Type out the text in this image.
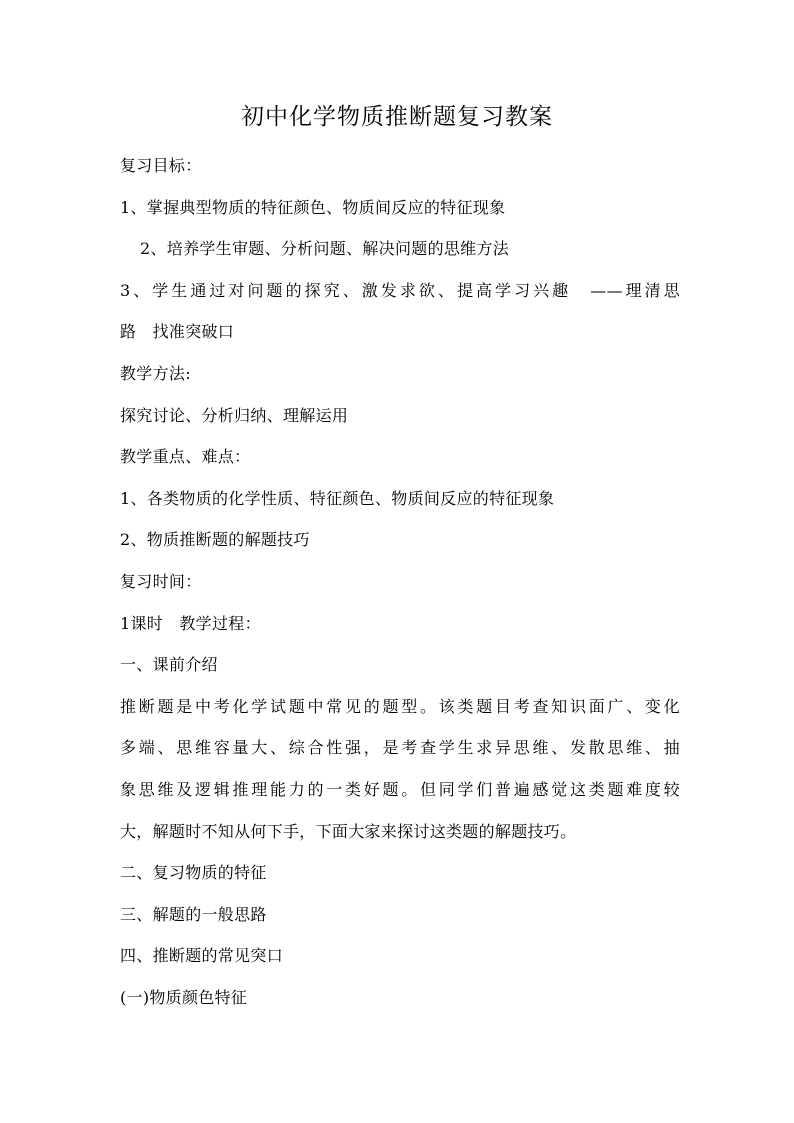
初中化学物质推断题复习教案

复习目标：

1、掌握典型物质的特征颜色、物质间反应的特征现象

2、培养学生审题、分析问题、解决问题的思维方法

3、学生通过对问题的探究、激发求欲、提高学习兴趣　——理清思

路　找准突破口

教学方法:

探究讨论、分析归纳、理解运用

教学重点、难点：

1、各类物质的化学性质、特征颜色、物质间反应的特征现象

2、物质推断题的解题技巧

复习时间：

1课时　教学过程：

一、课前介绍

推断题是中考化学试题中常见的题型。该类题目考查知识面广、变化

多端、思维容量大、综合性强，是考查学生求异思维、发散思维、抽

象思维及逻辑推理能力的一类好题。但同学们普遍感觉这类题难度较

大，解题时不知从何下手，下面大家来探讨这类题的解题技巧。

二、复习物质的特征

三、解题的一般思路

四、推断题的常见突口

(一)物质颜色特征
